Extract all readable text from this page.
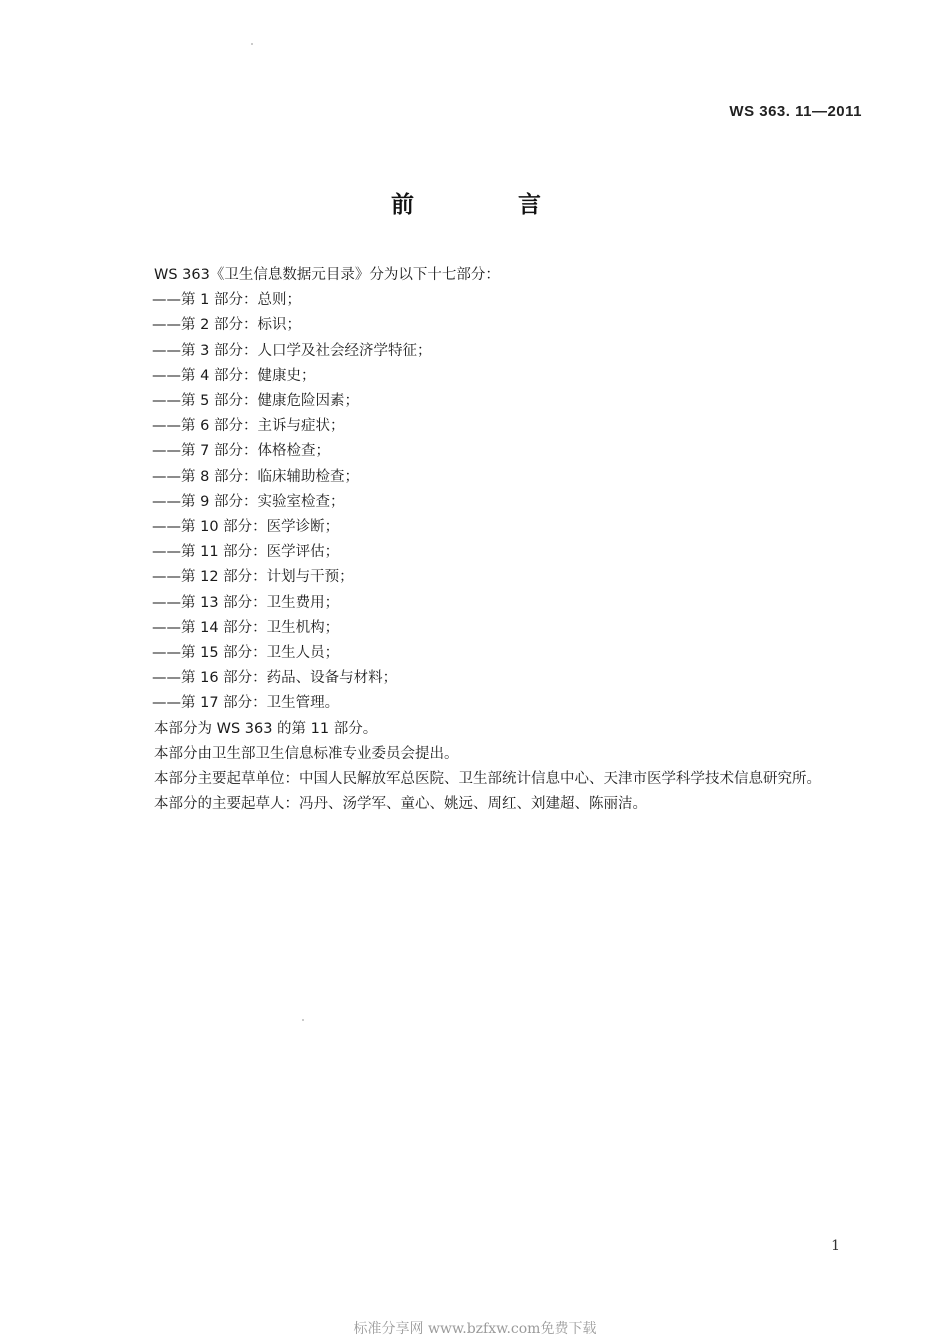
WS 363. 11—2011
前 言

WS 363《卫生信息数据元目录》分为以下十七部分：

——第 1 部分：总则；
——第 2 部分：标识；
——第 3 部分：人口学及社会经济学特征；
——第 4 部分：健康史；
——第 5 部分：健康危险因素；
——第 6 部分：主诉与症状；
——第 7 部分：体格检查；
——第 8 部分：临床辅助检查；
——第 9 部分：实验室检查；
——第 10 部分：医学诊断；
——第 11 部分：医学评估；
——第 12 部分：计划与干预；
——第 13 部分：卫生费用；
——第 14 部分：卫生机构；
——第 15 部分：卫生人员；
——第 16 部分：药品、设备与材料；
——第 17 部分：卫生管理。

本部分为 WS 363 的第 11 部分。

本部分由卫生部卫生信息标准专业委员会提出。

本部分主要起草单位：中国人民解放军总医院、卫生部统计信息中心、天津市医学科学技术信息研究所。

本部分的主要起草人：冯丹、汤学军、童心、姚远、周红、刘建超、陈丽洁。

1
标准分享网 www.bzfxw.com免费下载
